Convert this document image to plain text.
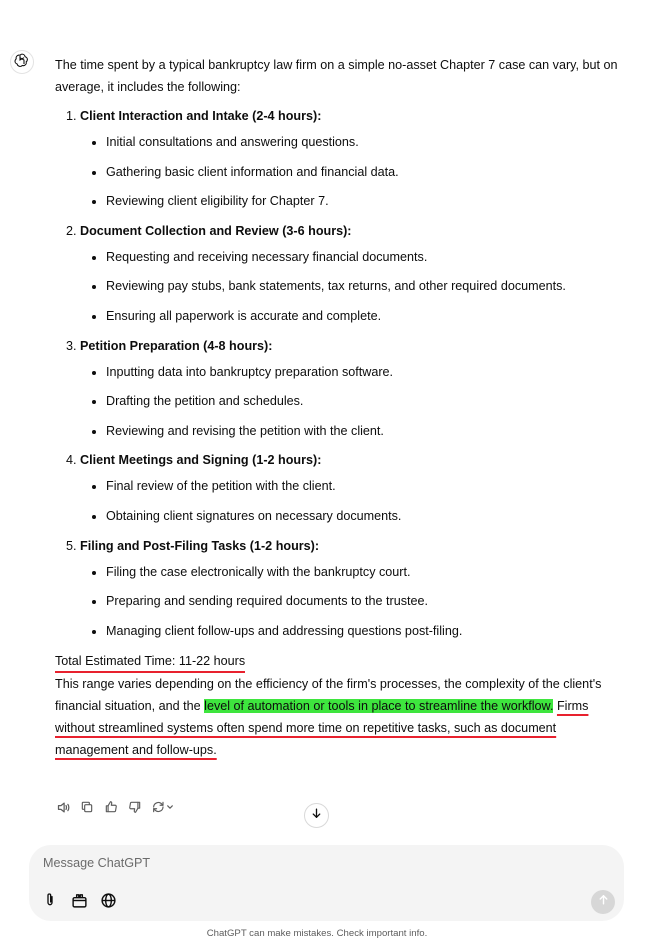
The time spent by a typical bankruptcy law firm on a simple no-asset Chapter 7 case can vary, but on average, it includes the following:

1. Client Interaction and Intake (2-4 hours):
• Initial consultations and answering questions.
• Gathering basic client information and financial data.
• Reviewing client eligibility for Chapter 7.
2. Document Collection and Review (3-6 hours):
• Requesting and receiving necessary financial documents.
• Reviewing pay stubs, bank statements, tax returns, and other required documents.
• Ensuring all paperwork is accurate and complete.
3. Petition Preparation (4-8 hours):
• Inputting data into bankruptcy preparation software.
• Drafting the petition and schedules.
• Reviewing and revising the petition with the client.
4. Client Meetings and Signing (1-2 hours):
• Final review of the petition with the client.
• Obtaining client signatures on necessary documents.
5. Filing and Post-Filing Tasks (1-2 hours):
• Filing the case electronically with the bankruptcy court.
• Preparing and sending required documents to the trustee.
• Managing client follow-ups and addressing questions post-filing.
Total Estimated Time: 11-22 hours

This range varies depending on the efficiency of the firm's processes, the complexity of the client's financial situation, and the level of automation or tools in place to streamline the workflow. Firms without streamlined systems often spend more time on repetitive tasks, such as document management and follow-ups.

Message ChatGPT
ChatGPT can make mistakes. Check important info.
